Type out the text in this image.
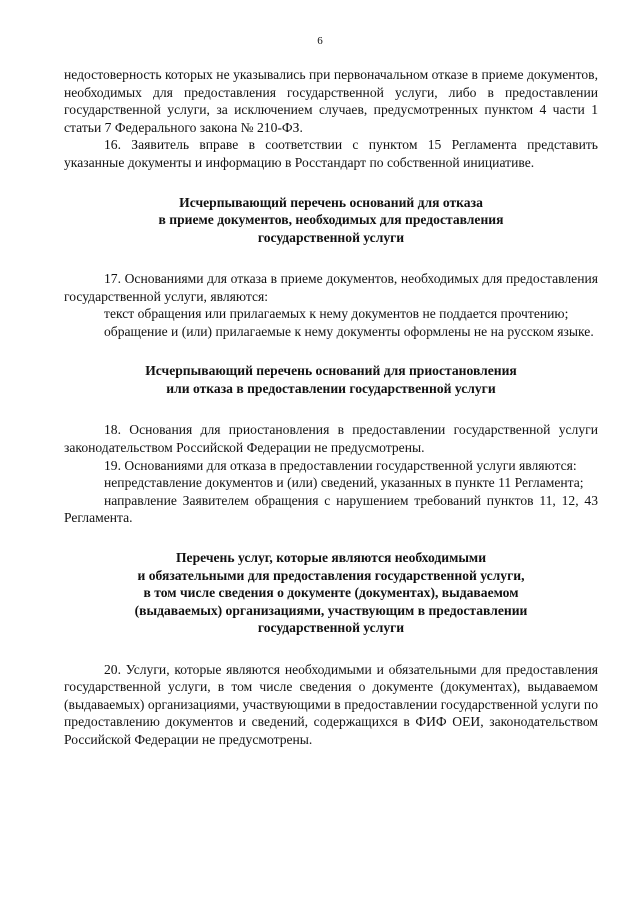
6

недостоверность которых не указывались при первоначальном отказе в приеме документов, необходимых для предоставления государственной услуги, либо в предоставлении государственной услуги, за исключением случаев, предусмотренных пунктом 4 части 1 статьи 7 Федерального закона № 210-ФЗ.

16. Заявитель вправе в соответствии с пунктом 15 Регламента представить указанные документы и информацию в Росстандарт по собственной инициативе.

Исчерпывающий перечень оснований для отказа
в приеме документов, необходимых для предоставления
государственной услуги

17. Основаниями для отказа в приеме документов, необходимых для предоставления государственной услуги, являются:

текст обращения или прилагаемых к нему документов не поддается прочтению;

обращение и (или) прилагаемые к нему документы оформлены не на русском языке.

Исчерпывающий перечень оснований для приостановления
или отказа в предоставлении государственной услуги

18. Основания для приостановления в предоставлении государственной услуги законодательством Российской Федерации не предусмотрены.

19. Основаниями для отказа в предоставлении государственной услуги являются:

непредставление документов и (или) сведений, указанных в пункте 11 Регламента;

направление Заявителем обращения с нарушением требований пунктов 11, 12, 43 Регламента.

Перечень услуг, которые являются необходимыми
и обязательными для предоставления государственной услуги,
в том числе сведения о документе (документах), выдаваемом
(выдаваемых) организациями, участвующим в предоставлении
государственной услуги

20. Услуги, которые являются необходимыми и обязательными для предоставления государственной услуги, в том числе сведения о документе (документах), выдаваемом (выдаваемых) организациями, участвующими в предоставлении государственной услуги по предоставлению документов и сведений, содержащихся в ФИФ ОЕИ, законодательством Российской Федерации не предусмотрены.
